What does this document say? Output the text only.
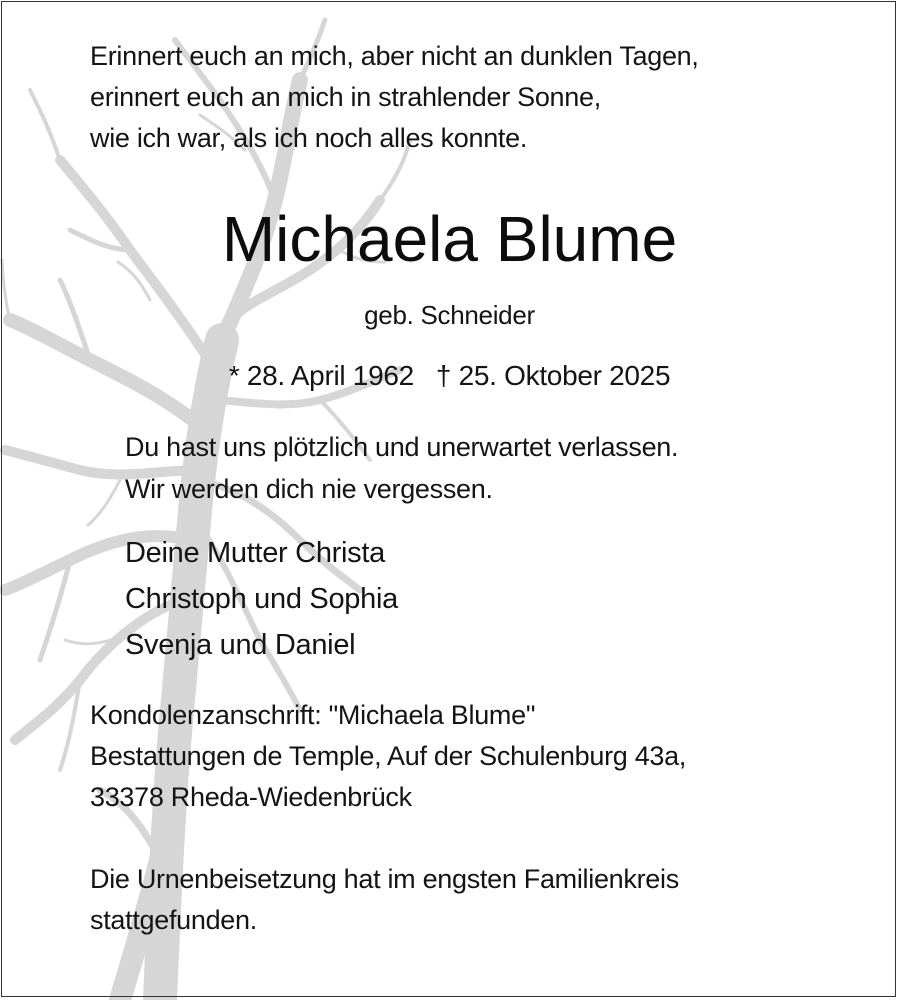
Erinnert euch an mich, aber nicht an dunklen Tagen,
erinnert euch an mich in strahlender Sonne,
wie ich war, als ich noch alles konnte.
Michaela Blume
geb. Schneider
* 28. April 1962 † 25. Oktober 2025
Du hast uns plötzlich und unerwartet verlassen.
Wir werden dich nie vergessen.
Deine Mutter Christa
Christoph und Sophia
Svenja und Daniel
Kondolenzanschrift: "Michaela Blume"
Bestattungen de Temple, Auf der Schulenburg 43a,
33378 Rheda-Wiedenbrück
Die Urnenbeisetzung hat im engsten Familienkreis
stattgefunden.
